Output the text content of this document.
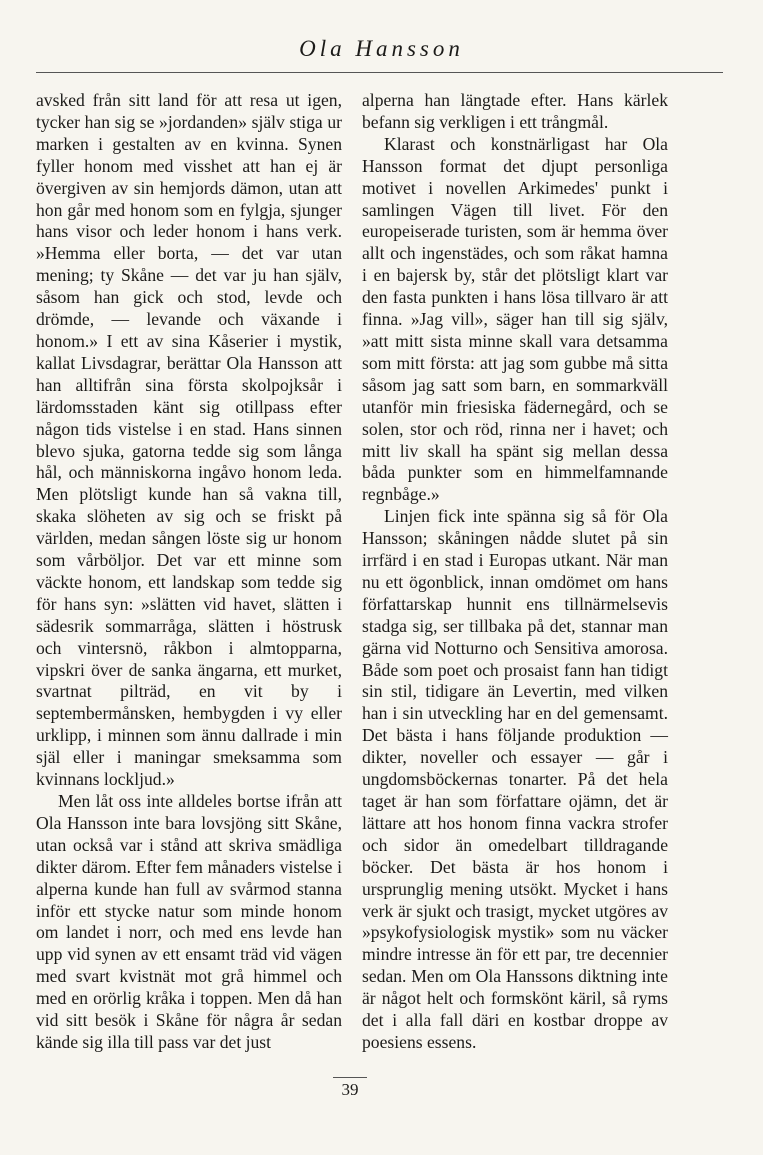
Ola Hansson

avsked från sitt land för att resa ut igen, tycker han sig se »jordanden» själv stiga ur marken i gestalten av en kvinna. Synen fyller honom med visshet att han ej är övergiven av sin hemjords dämon, utan att hon går med honom som en fylgja, sjunger hans visor och leder honom i hans verk. »Hemma eller borta, — det var utan mening; ty Skåne — det var ju han själv, såsom han gick och stod, levde och drömde, — levande och växande i honom.» I ett av sina Kåserier i mystik, kallat Livsdagrar, berättar Ola Hansson att han alltifrån sina första skolpojksår i lärdomsstaden känt sig otillpass efter någon tids vistelse i en stad. Hans sinnen blevo sjuka, gatorna tedde sig som långa hål, och människorna ingåvo honom leda. Men plötsligt kunde han så vakna till, skaka slöheten av sig och se friskt på världen, medan sången löste sig ur honom som vårböljor. Det var ett minne som väckte honom, ett landskap som tedde sig för hans syn: »slätten vid havet, slätten i sädesrik sommarråga, slätten i höstrusk och vintersnö, råkbon i almtopparna, vipskri över de sanka ängarna, ett murket, svartnat pilträd, en vit by i septembermånsken, hembygden i vy eller urklipp, i minnen som ännu dallrade i min själ eller i maningar smeksamma som kvinnans lockljud.»

Men låt oss inte alldeles bortse ifrån att Ola Hansson inte bara lovsjöng sitt Skåne, utan också var i stånd att skriva smädliga dikter därom. Efter fem månaders vistelse i alperna kunde han full av svårmod stanna inför ett stycke natur som minde honom om landet i norr, och med ens levde han upp vid synen av ett ensamt träd vid vägen med svart kvistnät mot grå himmel och med en orörlig kråka i toppen. Men då han vid sitt besök i Skåne för några år sedan kände sig illa till pass var det just

alperna han längtade efter. Hans kärlek befann sig verkligen i ett trångmål.

Klarast och konstnärligast har Ola Hansson format det djupt personliga motivet i novellen Arkimedes' punkt i samlingen Vägen till livet. För den europeiserade turisten, som är hemma över allt och ingenstädes, och som råkat hamna i en bajersk by, står det plötsligt klart var den fasta punkten i hans lösa tillvaro är att finna. »Jag vill», säger han till sig själv, »att mitt sista minne skall vara detsamma som mitt första: att jag som gubbe må sitta såsom jag satt som barn, en sommarkväll utanför min friesiska fädernegård, och se solen, stor och röd, rinna ner i havet; och mitt liv skall ha spänt sig mellan dessa båda punkter som en himmelfamnande regnbåge.»

Linjen fick inte spänna sig så för Ola Hansson; skåningen nådde slutet på sin irrfärd i en stad i Europas utkant. När man nu ett ögonblick, innan omdömet om hans författarskap hunnit ens tillnärmelsevis stadga sig, ser tillbaka på det, stannar man gärna vid Notturno och Sensitiva amorosa. Både som poet och prosaist fann han tidigt sin stil, tidigare än Levertin, med vilken han i sin utveckling har en del gemensamt. Det bästa i hans följande produktion — dikter, noveller och essayer — går i ungdomsböckernas tonarter. På det hela taget är han som författare ojämn, det är lättare att hos honom finna vackra strofer och sidor än omedelbart tilldragande böcker. Det bästa är hos honom i ursprunglig mening utsökt. Mycket i hans verk är sjukt och trasigt, mycket utgöres av »psykofysiologisk mystik» som nu väcker mindre intresse än för ett par, tre decennier sedan. Men om Ola Hanssons diktning inte är något helt och formskönt käril, så ryms det i alla fall däri en kostbar droppe av poesiens essens.

39
